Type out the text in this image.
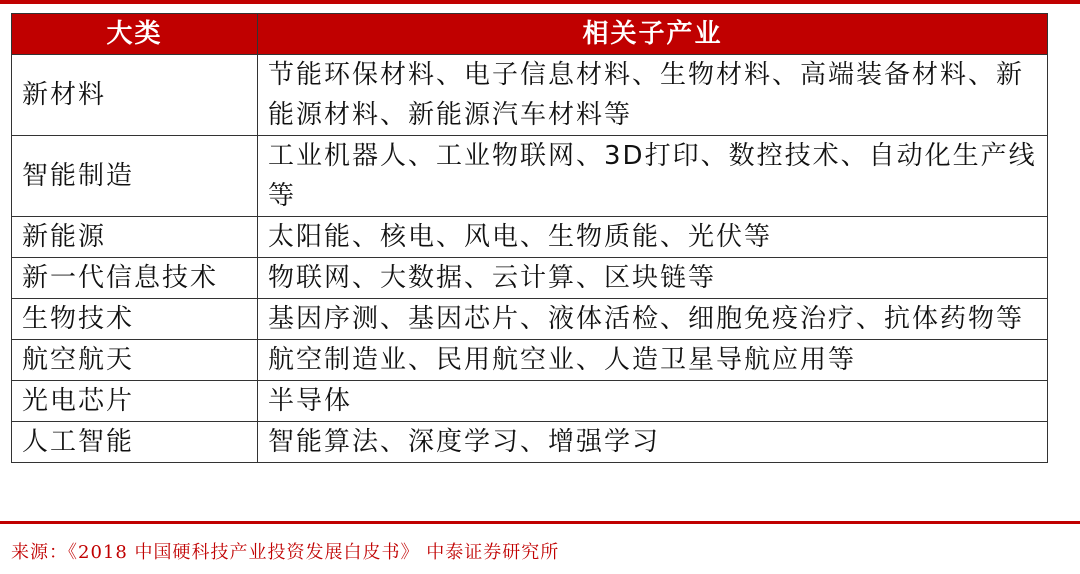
大类	相关子产业
新材料	节能环保材料、电子信息材料、生物材料、高端装备材料、新能源材料、新能源汽车材料等
智能制造	工业机器人、工业物联网、3D打印、数控技术、自动化生产线等
新能源	太阳能、核电、风电、生物质能、光伏等
新一代信息技术	物联网、大数据、云计算、区块链等
生物技术	基因序测、基因芯片、液体活检、细胞免疫治疗、抗体药物等
航空航天	航空制造业、民用航空业、人造卫星导航应用等
光电芯片	半导体
人工智能	智能算法、深度学习、增强学习
来源：《2018 中国硬科技产业投资发展白皮书》 中泰证券研究所
